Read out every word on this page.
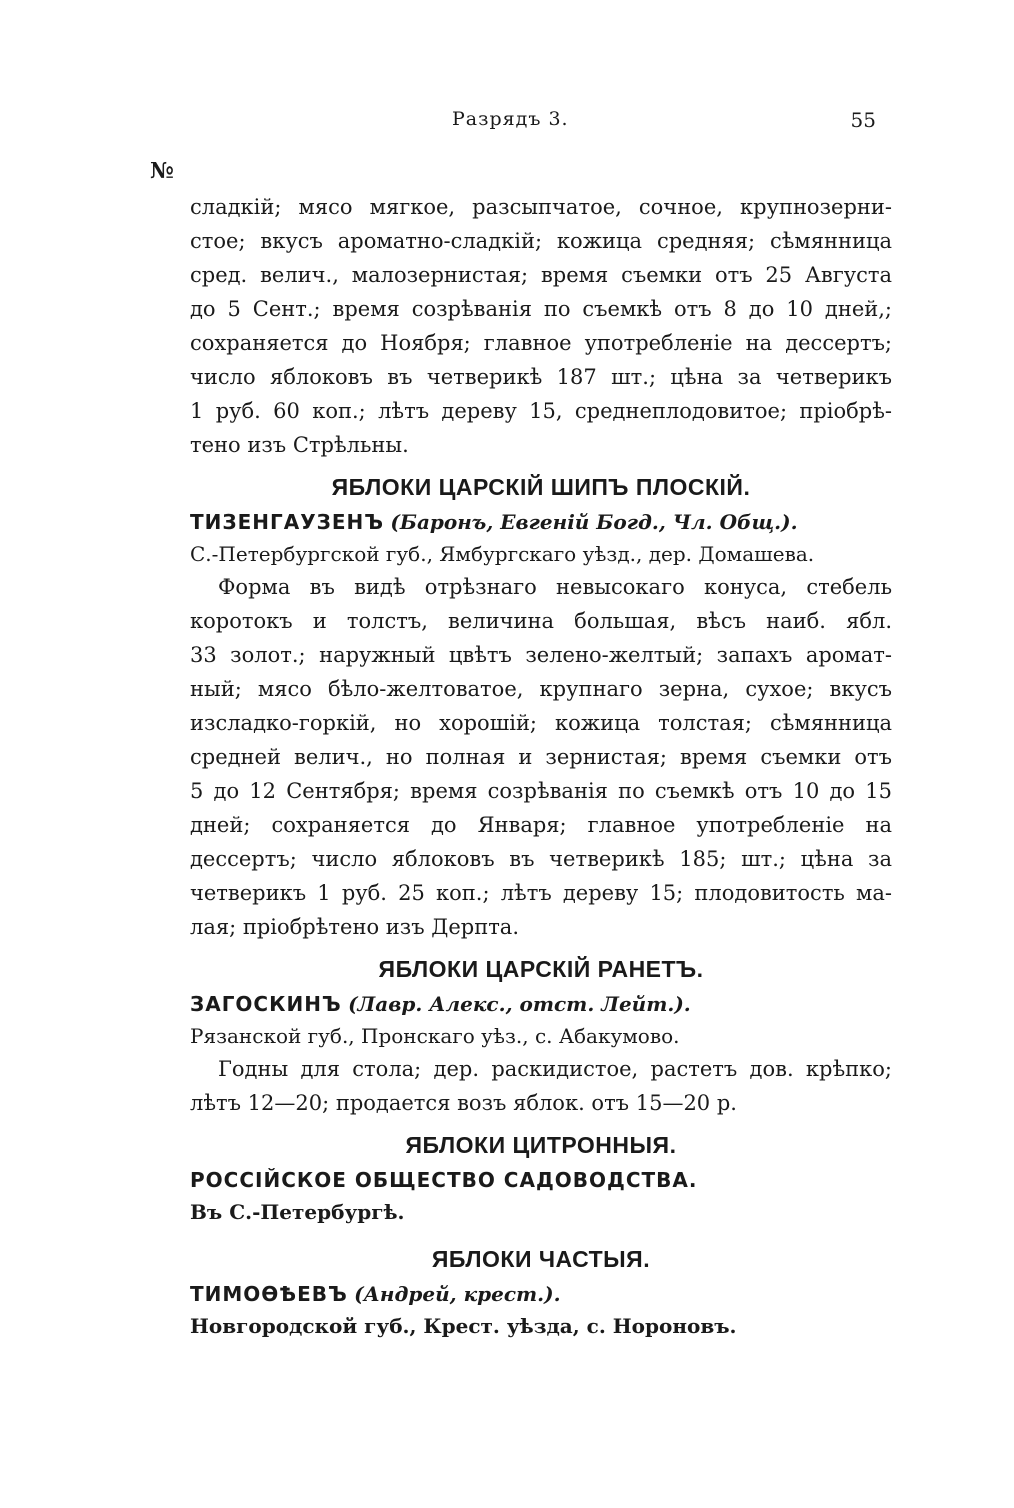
Разрядъ 3.	55
№
сладкій; мясо мягкое, разсыпчатое, сочное, крупнозерни-
стое; вкусъ ароматно-сладкій; кожица средняя; сѣмянница
сред. велич., малозернистая; время съемки отъ 25 Августа
до 5 Сент.; время созрѣванія по съемкѣ отъ 8 до 10 дней,;
сохраняется до Ноября; главное употребленіе на дессертъ;
число яблоковъ въ четверикѣ 187 шт.; цѣна за четверикъ
1 руб. 60 коп.; лѣтъ дереву 15, среднеплодовитое; пріобрѣ-
тено изъ Стрѣльны.
ЯБЛОКИ ЦАРСКІЙ ШИПЪ ПЛОСКІЙ.
ТИЗЕНГАУЗЕНЪ (Баронъ, Евгеній Богд., Чл. Общ.).
С.-Петербургской губ., Ямбургскаго уѣзд., дер. Домашева.
Форма въ видѣ отрѣзнаго невысокаго конуса, стебель
коротокъ и толстъ, величина большая, вѣсъ наиб. ябл.
33 золот.; наружный цвѣтъ зелено-желтый; запахъ аромат-
ный; мясо бѣло-желтоватое, крупнаго зерна, сухое; вкусъ
изсладко-горкій, но хорошій; кожица толстая; сѣмянница
средней велич., но полная и зернистая; время съемки отъ
5 до 12 Сентября; время созрѣванія по съемкѣ отъ 10 до 15
дней; сохраняется до Января; главное употребленіе на
дессертъ; число яблоковъ въ четверикѣ 185; шт.; цѣна за
четверикъ 1 руб. 25 коп.; лѣтъ дереву 15; плодовитость ма-
лая; пріобрѣтено изъ Дерпта.
ЯБЛОКИ ЦАРСКІЙ РАНЕТЪ.
ЗАГОСКИНЪ (Лавр. Алекс., отст. Лейт.).
Рязанской губ., Пронскаго уѣз., с. Абакумово.
Годны для стола; дер. раскидистое, растетъ дов. крѣпко;
лѣтъ 12—20; продается возъ яблок. отъ 15—20 р.
ЯБЛОКИ ЦИТРОННЫЯ.
РОССІЙСКОЕ ОБЩЕСТВО САДОВОДСТВА.
Въ С.-Петербургѣ.
ЯБЛОКИ ЧАСТЫЯ.
ТИМОѲѢЕВЪ (Андрей, крест.).
Новгородской губ., Крест. уѣзда, с. Нороновъ.
